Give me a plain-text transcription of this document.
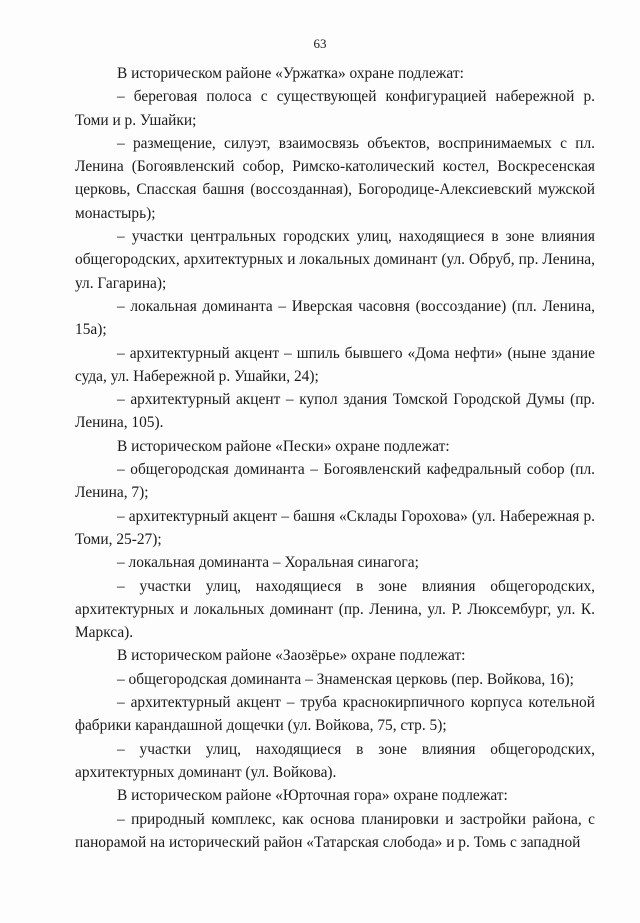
63

В историческом районе «Уржатка» охране подлежат:

– береговая полоса с существующей конфигурацией набережной р. Томи и р. Ушайки;

– размещение, силуэт, взаимосвязь объектов, воспринимаемых с пл. Ленина (Богоявленский собор, Римско-католический костел, Воскресенская церковь, Спасская башня (воссозданная), Богородице-Алексиевский мужской монастырь);

– участки центральных городских улиц, находящиеся в зоне влияния общегородских, архитектурных и локальных доминант (ул. Обруб, пр. Ленина, ул. Гагарина);

– локальная доминанта – Иверская часовня (воссоздание) (пл. Ленина, 15а);

– архитектурный акцент – шпиль бывшего «Дома нефти» (ныне здание суда, ул. Набережной р. Ушайки, 24);

– архитектурный акцент – купол здания Томской Городской Думы (пр. Ленина, 105).

В историческом районе «Пески» охране подлежат:

– общегородская доминанта – Богоявленский кафедральный собор (пл. Ленина, 7);

– архитектурный акцент – башня «Склады Горохова» (ул. Набережная р. Томи, 25-27);

– локальная доминанта – Хоральная синагога;

– участки улиц, находящиеся в зоне влияния общегородских, архитектурных и локальных доминант (пр. Ленина, ул. Р. Люксембург, ул. К. Маркса).

В историческом районе «Заозёрье» охране подлежат:

– общегородская доминанта – Знаменская церковь (пер. Войкова, 16);

– архитектурный акцент – труба краснокирпичного корпуса котельной фабрики карандашной дощечки (ул. Войкова, 75, стр. 5);

– участки улиц, находящиеся в зоне влияния общегородских, архитектурных доминант (ул. Войкова).

В историческом районе «Юрточная гора» охране подлежат:

– природный комплекс, как основа планировки и застройки района, с панорамой на исторический район «Татарская слобода» и р. Томь с западной
